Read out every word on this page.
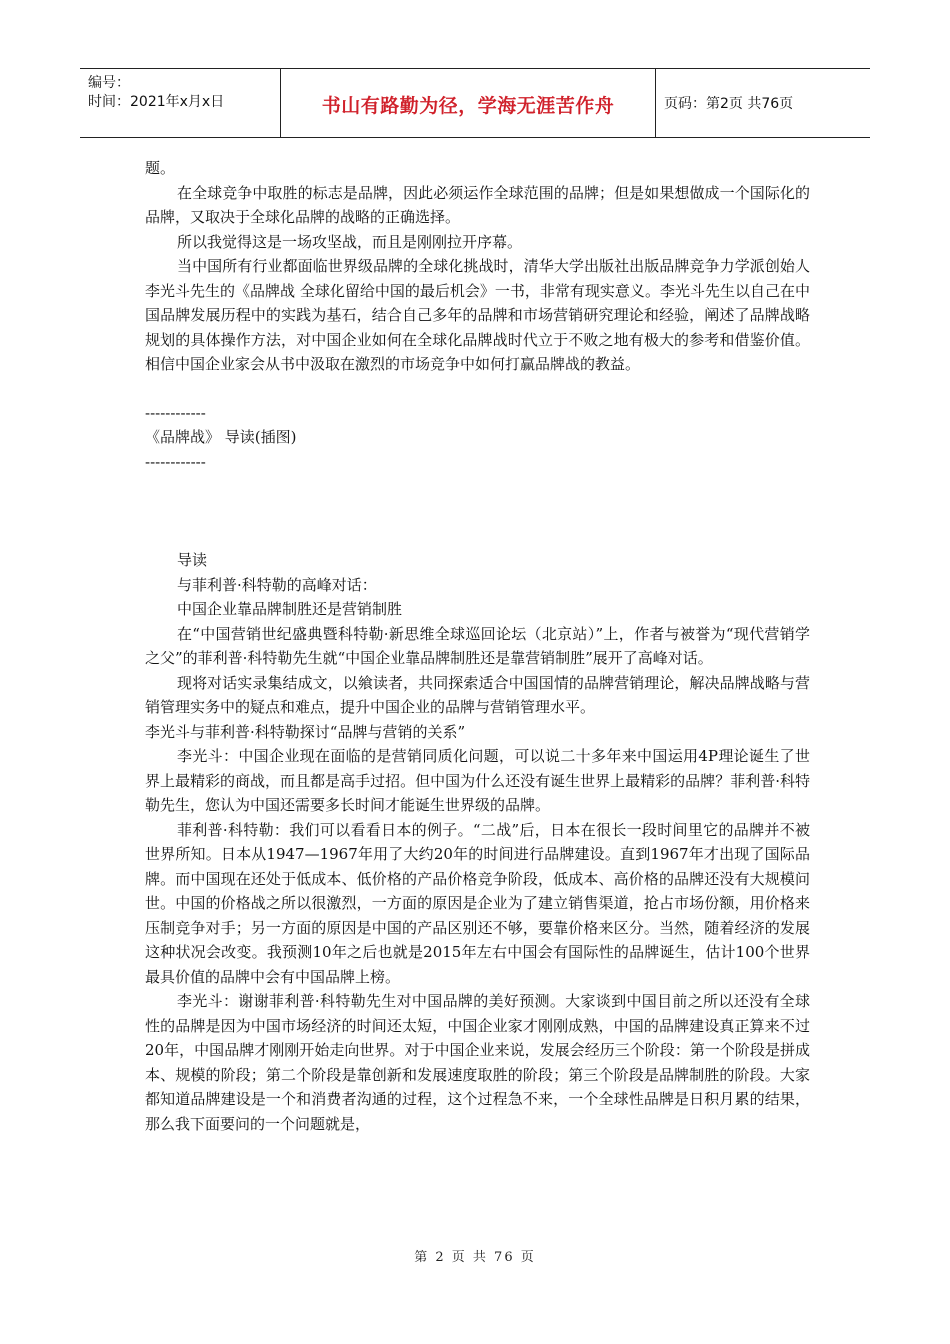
编号：
时间：2021年x月x日	书山有路勤为径，学海无涯苦作舟	页码：第2页 共76页

题。

在全球竞争中取胜的标志是品牌，因此必须运作全球范围的品牌；但是如果想做成一个国际化的品牌，又取决于全球化品牌的战略的正确选择。

所以我觉得这是一场攻坚战，而且是刚刚拉开序幕。

当中国所有行业都面临世界级品牌的全球化挑战时，清华大学出版社出版品牌竞争力学派创始人李光斗先生的《品牌战 全球化留给中国的最后机会》一书，非常有现实意义。李光斗先生以自己在中国品牌发展历程中的实践为基石，结合自己多年的品牌和市场营销研究理论和经验，阐述了品牌战略规划的具体操作方法，对中国企业如何在全球化品牌战时代立于不败之地有极大的参考和借鉴价值。相信中国企业家会从书中汲取在激烈的市场竞争中如何打赢品牌战的教益。

------------

《品牌战》 导读(插图)

------------

导读

与菲利普·科特勒的高峰对话：

中国企业靠品牌制胜还是营销制胜

在“中国营销世纪盛典暨科特勒·新思维全球巡回论坛（北京站）”上，作者与被誉为“现代营销学之父”的菲利普·科特勒先生就“中国企业靠品牌制胜还是靠营销制胜”展开了高峰对话。

现将对话实录集结成文，以飨读者，共同探索适合中国国情的品牌营销理论，解决品牌战略与营销管理实务中的疑点和难点，提升中国企业的品牌与营销管理水平。

李光斗与菲利普·科特勒探讨“品牌与营销的关系”

李光斗：中国企业现在面临的是营销同质化问题，可以说二十多年来中国运用4P理论诞生了世界上最精彩的商战，而且都是高手过招。但中国为什么还没有诞生世界上最精彩的品牌？菲利普·科特勒先生，您认为中国还需要多长时间才能诞生世界级的品牌。

菲利普·科特勒：我们可以看看日本的例子。“二战”后，日本在很长一段时间里它的品牌并不被世界所知。日本从1947—1967年用了大约20年的时间进行品牌建设。直到1967年才出现了国际品牌。而中国现在还处于低成本、低价格的产品价格竞争阶段，低成本、高价格的品牌还没有大规模问世。中国的价格战之所以很激烈，一方面的原因是企业为了建立销售渠道，抢占市场份额，用价格来压制竞争对手；另一方面的原因是中国的产品区别还不够，要靠价格来区分。当然，随着经济的发展这种状况会改变。我预测10年之后也就是2015年左右中国会有国际性的品牌诞生，估计100个世界最具价值的品牌中会有中国品牌上榜。

李光斗：谢谢菲利普·科特勒先生对中国品牌的美好预测。大家谈到中国目前之所以还没有全球性的品牌是因为中国市场经济的时间还太短，中国企业家才刚刚成熟，中国的品牌建设真正算来不过20年，中国品牌才刚刚开始走向世界。对于中国企业来说，发展会经历三个阶段：第一个阶段是拼成本、规模的阶段；第二个阶段是靠创新和发展速度取胜的阶段；第三个阶段是品牌制胜的阶段。大家都知道品牌建设是一个和消费者沟通的过程，这个过程急不来，一个全球性品牌是日积月累的结果，那么我下面要问的一个问题就是，

第 2 页 共 76 页
